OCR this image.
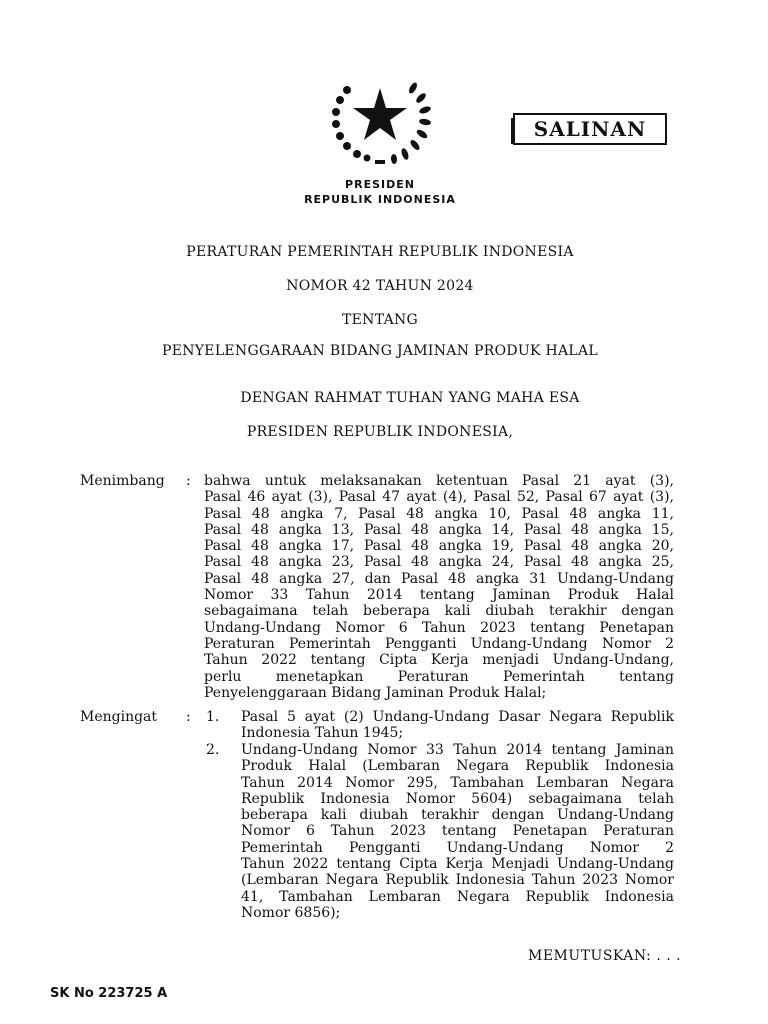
SALINAN
PRESIDEN
REPUBLIK INDONESIA
PERATURAN PEMERINTAH REPUBLIK INDONESIA
NOMOR 42 TAHUN 2024
TENTANG
PENYELENGGARAAN BIDANG JAMINAN PRODUK HALAL
DENGAN RAHMAT TUHAN YANG MAHA ESA
PRESIDEN REPUBLIK INDONESIA,
Menimbang : bahwa untuk melaksanakan ketentuan Pasal 21 ayat (3),
Pasal 46 ayat (3), Pasal 47 ayat (4), Pasal 52, Pasal 67 ayat (3),
Pasal 48 angka 7, Pasal 48 angka 10, Pasal 48 angka 11,
Pasal 48 angka 13, Pasal 48 angka 14, Pasal 48 angka 15,
Pasal 48 angka 17, Pasal 48 angka 19, Pasal 48 angka 20,
Pasal 48 angka 23, Pasal 48 angka 24, Pasal 48 angka 25,
Pasal 48 angka 27, dan Pasal 48 angka 31 Undang-Undang
Nomor 33 Tahun 2014 tentang Jaminan Produk Halal
sebagaimana telah beberapa kali diubah terakhir dengan
Undang-Undang Nomor 6 Tahun 2023 tentang Penetapan
Peraturan Pemerintah Pengganti Undang-Undang Nomor 2
Tahun 2022 tentang Cipta Kerja menjadi Undang-Undang,
perlu menetapkan Peraturan Pemerintah tentang
Penyelenggaraan Bidang Jaminan Produk Halal;
Mengingat : 1. Pasal 5 ayat (2) Undang-Undang Dasar Negara Republik
Indonesia Tahun 1945;
2. Undang-Undang Nomor 33 Tahun 2014 tentang Jaminan
Produk Halal (Lembaran Negara Republik Indonesia
Tahun 2014 Nomor 295, Tambahan Lembaran Negara
Republik Indonesia Nomor 5604) sebagaimana telah
beberapa kali diubah terakhir dengan Undang-Undang
Nomor 6 Tahun 2023 tentang Penetapan Peraturan
Pemerintah Pengganti Undang-Undang Nomor 2
Tahun 2022 tentang Cipta Kerja Menjadi Undang-Undang
(Lembaran Negara Republik Indonesia Tahun 2023 Nomor
41, Tambahan Lembaran Negara Republik Indonesia
Nomor 6856);
MEMUTUSKAN: . . .
SK No 223725 A
